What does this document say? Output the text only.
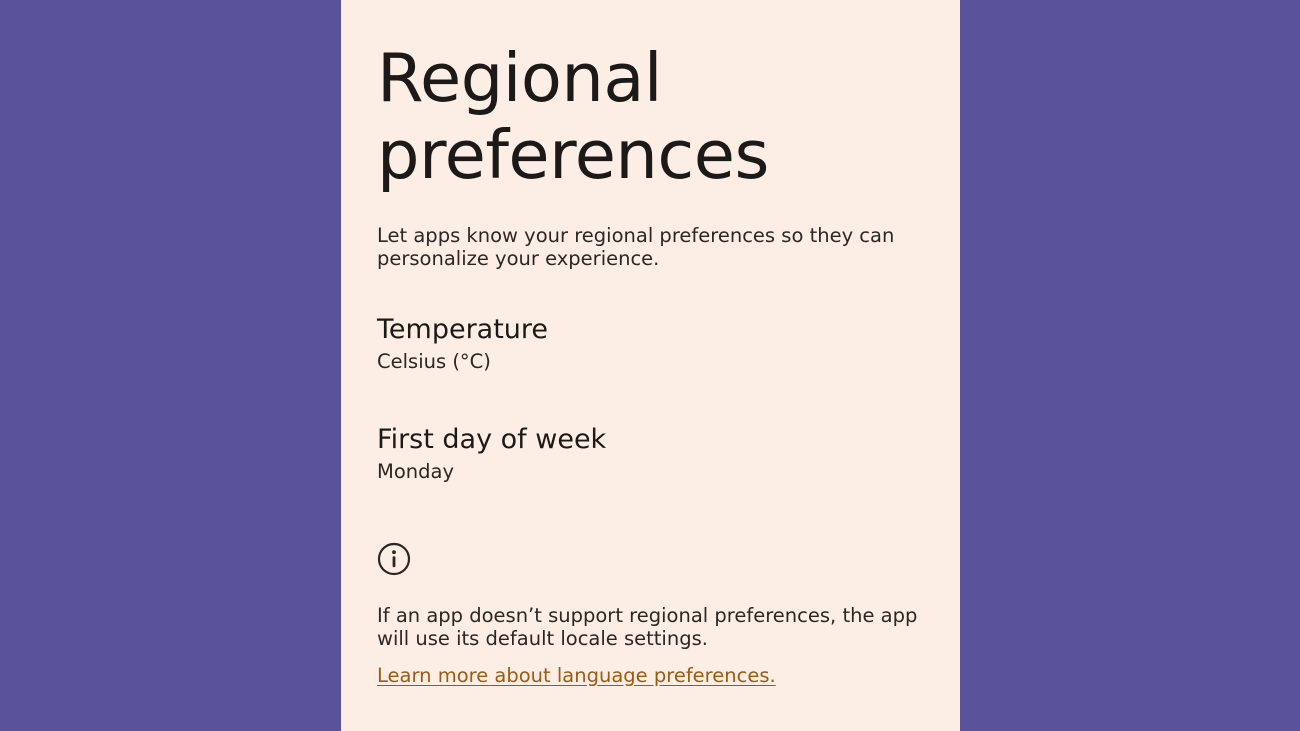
Regional preferences

Let apps know your regional preferences so they can personalize your experience.

Temperature

Celsius (°C)

First day of week

Monday

If an app doesn’t support regional preferences, the app will use its default locale settings.

Learn more about language preferences.
